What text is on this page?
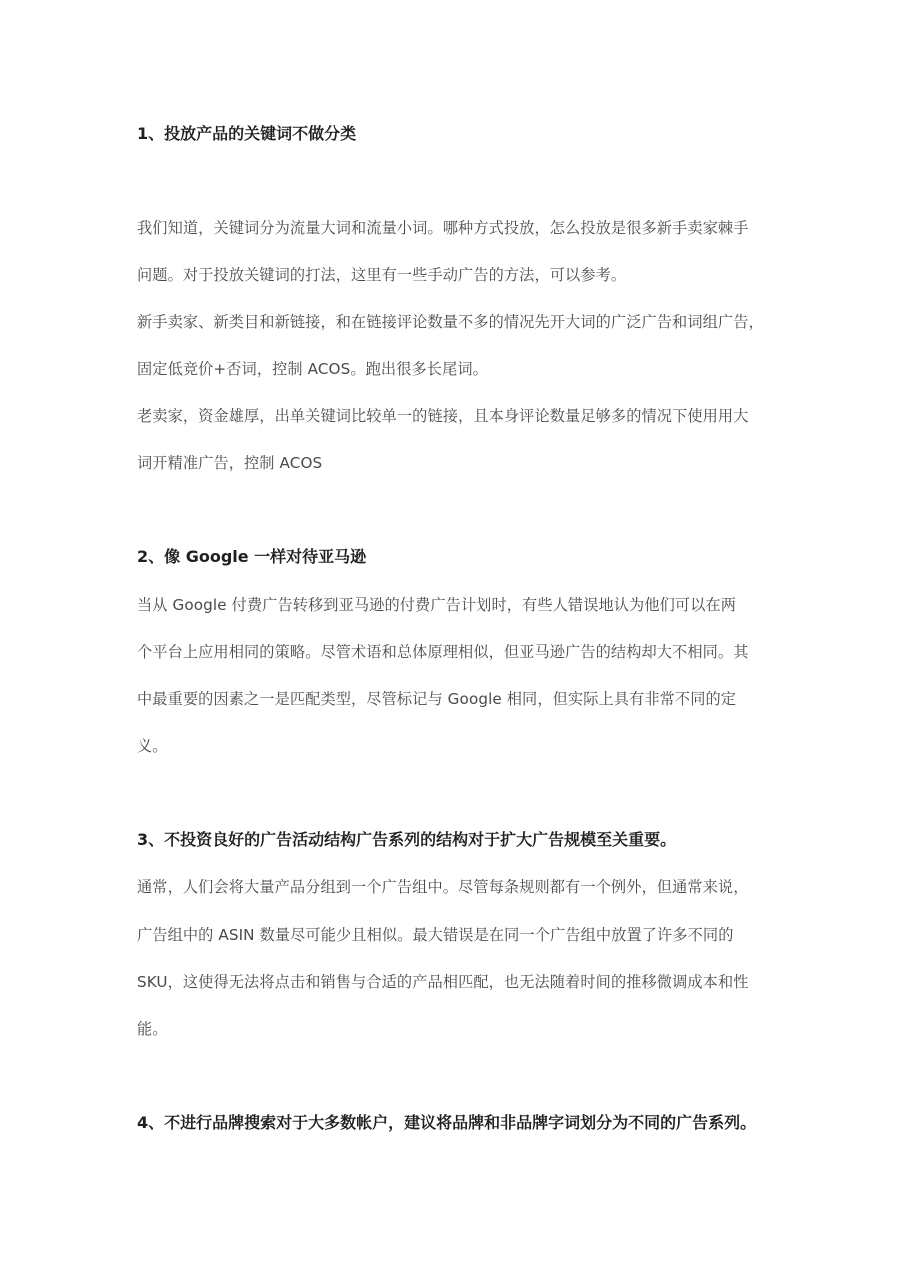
1、投放产品的关键词不做分类
我们知道，关键词分为流量大词和流量小词。哪种方式投放，怎么投放是很多新手卖家棘手
问题。对于投放关键词的打法，这里有一些手动广告的方法，可以参考。
新手卖家、新类目和新链接，和在链接评论数量不多的情况先开大词的广泛广告和词组广告，
固定低竞价+否词，控制 ACOS。跑出很多长尾词。
老卖家，资金雄厚，出单关键词比较单一的链接，且本身评论数量足够多的情况下使用用大
词开精准广告，控制 ACOS
2、像 Google 一样对待亚马逊
当从 Google 付费广告转移到亚马逊的付费广告计划时，有些人错误地认为他们可以在两
个平台上应用相同的策略。尽管术语和总体原理相似，但亚马逊广告的结构却大不相同。其
中最重要的因素之一是匹配类型，尽管标记与 Google 相同，但实际上具有非常不同的定
义。
3、不投资良好的广告活动结构广告系列的结构对于扩大广告规模至关重要。
通常，人们会将大量产品分组到一个广告组中。尽管每条规则都有一个例外，但通常来说，
广告组中的 ASIN 数量尽可能少且相似。最大错误是在同一个广告组中放置了许多不同的
SKU，这使得无法将点击和销售与合适的产品相匹配，也无法随着时间的推移微调成本和性
能。
4、不进行品牌搜索对于大多数帐户，建议将品牌和非品牌字词划分为不同的广告系列。
